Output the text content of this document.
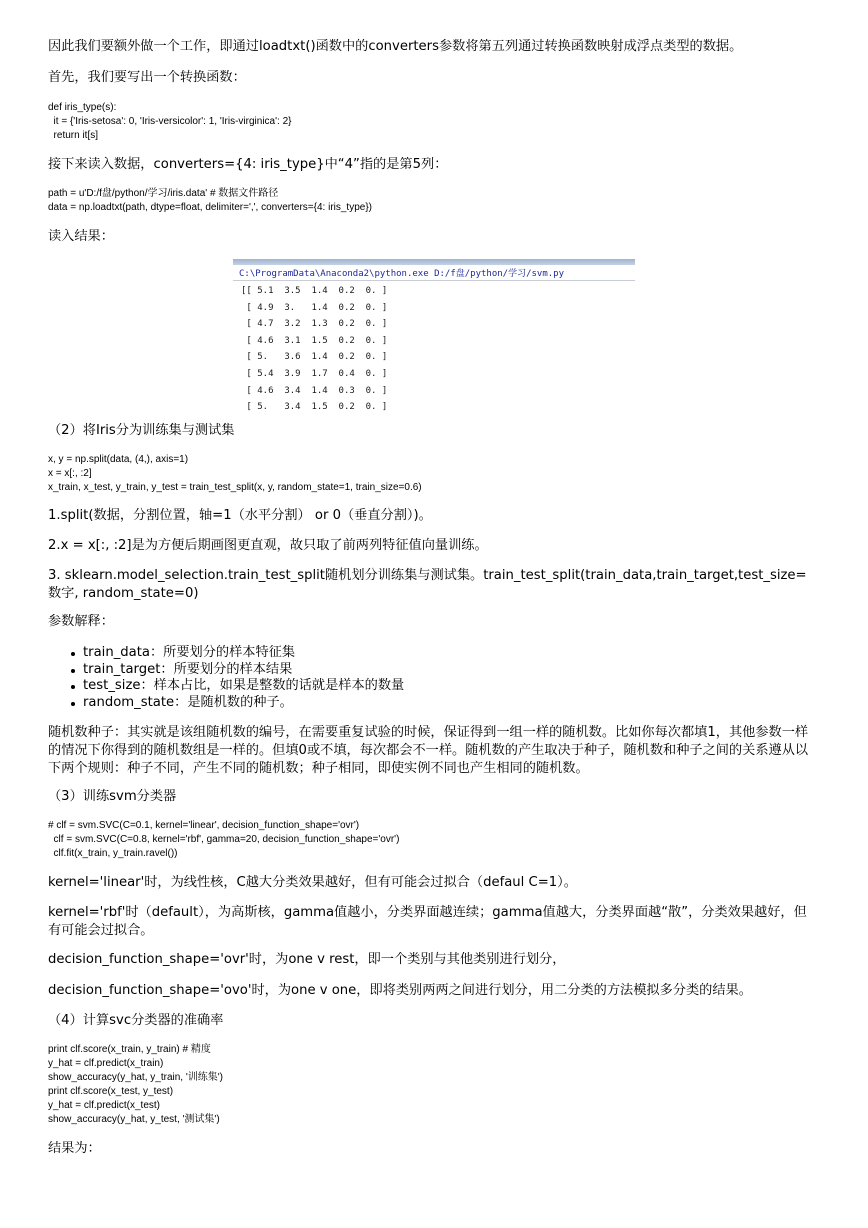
因此我们要额外做一个工作，即通过loadtxt()函数中的converters参数将第五列通过转换函数映射成浮点类型的数据。

首先，我们要写出一个转换函数：

def iris_type(s):
it = {'Iris-setosa': 0, 'Iris-versicolor': 1, 'Iris-virginica': 2}
return it[s]

接下来读入数据，converters={4: iris_type}中“4”指的是第5列：

path = u'D:/f盘/python/学习/iris.data' # 数据文件路径
data = np.loadtxt(path, dtype=float, delimiter=',', converters={4: iris_type})

读入结果：

（2）将Iris分为训练集与测试集

x, y = np.split(data, (4,), axis=1)
x = x[:, :2]
x_train, x_test, y_train, y_test = train_test_split(x, y, random_state=1, train_size=0.6)

1.split(数据，分割位置，轴=1（水平分割） or 0（垂直分割）)。

2.x = x[:, :2]是为方便后期画图更直观，故只取了前两列特征值向量训练。

3. sklearn.model_selection.train_test_split随机划分训练集与测试集。train_test_split(train_data,train_target,test_size=数字, random_state=0)

参数解释：

train_data：所要划分的样本特征集
train_target：所要划分的样本结果
test_size：样本占比，如果是整数的话就是样本的数量
random_state：是随机数的种子。

随机数种子：其实就是该组随机数的编号，在需要重复试验的时候，保证得到一组一样的随机数。比如你每次都填1，其他参数一样的情况下你得到的随机数组是一样的。但填0或不填，每次都会不一样。随机数的产生取决于种子，随机数和种子之间的关系遵从以下两个规则：种子不同，产生不同的随机数；种子相同，即使实例不同也产生相同的随机数。

（3）训练svm分类器

# clf = svm.SVC(C=0.1, kernel='linear', decision_function_shape='ovr')
clf = svm.SVC(C=0.8, kernel='rbf', gamma=20, decision_function_shape='ovr')
clf.fit(x_train, y_train.ravel())

kernel='linear'时，为线性核，C越大分类效果越好，但有可能会过拟合（defaul C=1）。

kernel='rbf'时（default），为高斯核，gamma值越小，分类界面越连续；gamma值越大，分类界面越“散”，分类效果越好，但有可能会过拟合。

decision_function_shape='ovr'时，为one v rest，即一个类别与其他类别进行划分，

decision_function_shape='ovo'时，为one v one，即将类别两两之间进行划分，用二分类的方法模拟多分类的结果。

（4）计算svc分类器的准确率

print clf.score(x_train, y_train) # 精度
y_hat = clf.predict(x_train)
show_accuracy(y_hat, y_train, '训练集')
print clf.score(x_test, y_test)
y_hat = clf.predict(x_test)
show_accuracy(y_hat, y_test, '测试集')

结果为：

C:\ProgramData\Anaconda2\python.exe D:/f盘/python/学习/svm.py
[[ 5.1  3.5  1.4  0.2  0. ]
[ 4.9  3.   1.4  0.2  0. ]
[ 4.7  3.2  1.3  0.2  0. ]
[ 4.6  3.1  1.5  0.2  0. ]
[ 5.   3.6  1.4  0.2  0. ]
[ 5.4  3.9  1.7  0.4  0. ]
[ 4.6  3.4  1.4  0.3  0. ]
[ 5.   3.4  1.5  0.2  0. ]
